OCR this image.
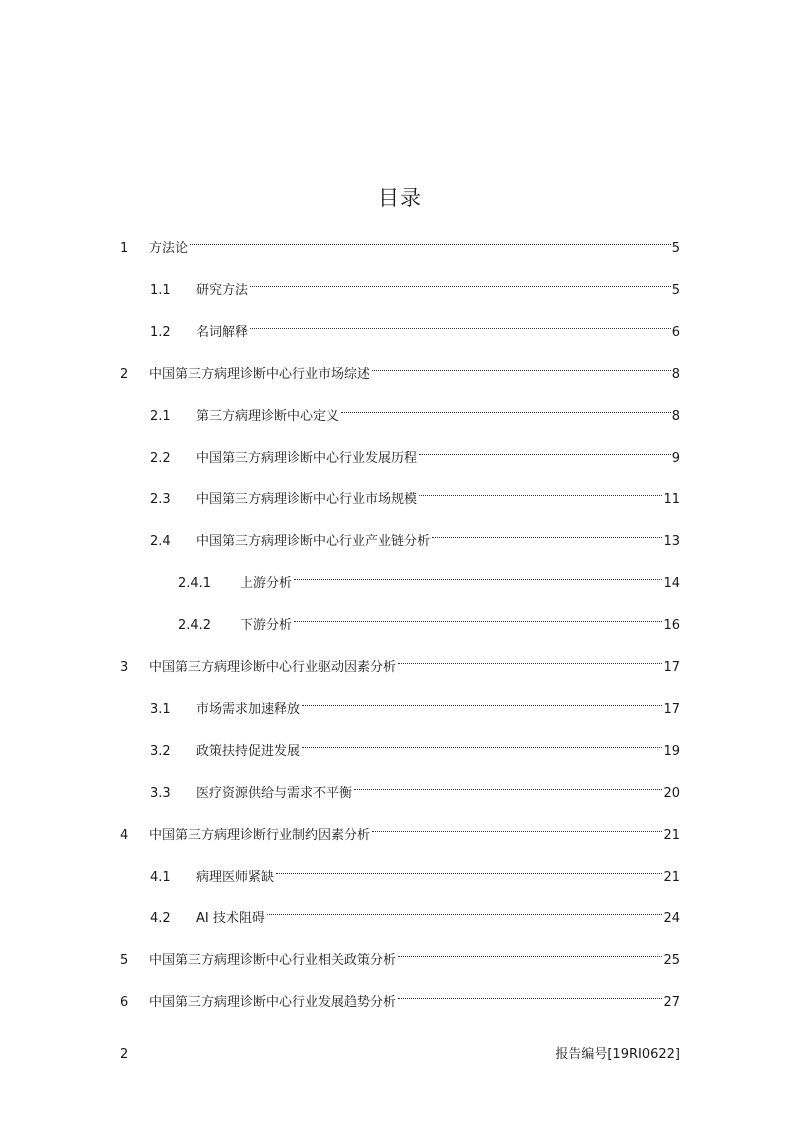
目录
1	方法论	5
1.1	研究方法	5
1.2	名词解释	6
2	中国第三方病理诊断中心行业市场综述	8
2.1	第三方病理诊断中心定义	8
2.2	中国第三方病理诊断中心行业发展历程	9
2.3	中国第三方病理诊断中心行业市场规模	11
2.4	中国第三方病理诊断中心行业产业链分析	13
2.4.1	上游分析	14
2.4.2	下游分析	16
3	中国第三方病理诊断中心行业驱动因素分析	17
3.1	市场需求加速释放	17
3.2	政策扶持促进发展	19
3.3	医疗资源供给与需求不平衡	20
4	中国第三方病理诊断行业制约因素分析	21
4.1	病理医师紧缺	21
4.2	AI 技术阻碍	24
5	中国第三方病理诊断中心行业相关政策分析	25
6	中国第三方病理诊断中心行业发展趋势分析	27
2	报告编号[19RI0622]
